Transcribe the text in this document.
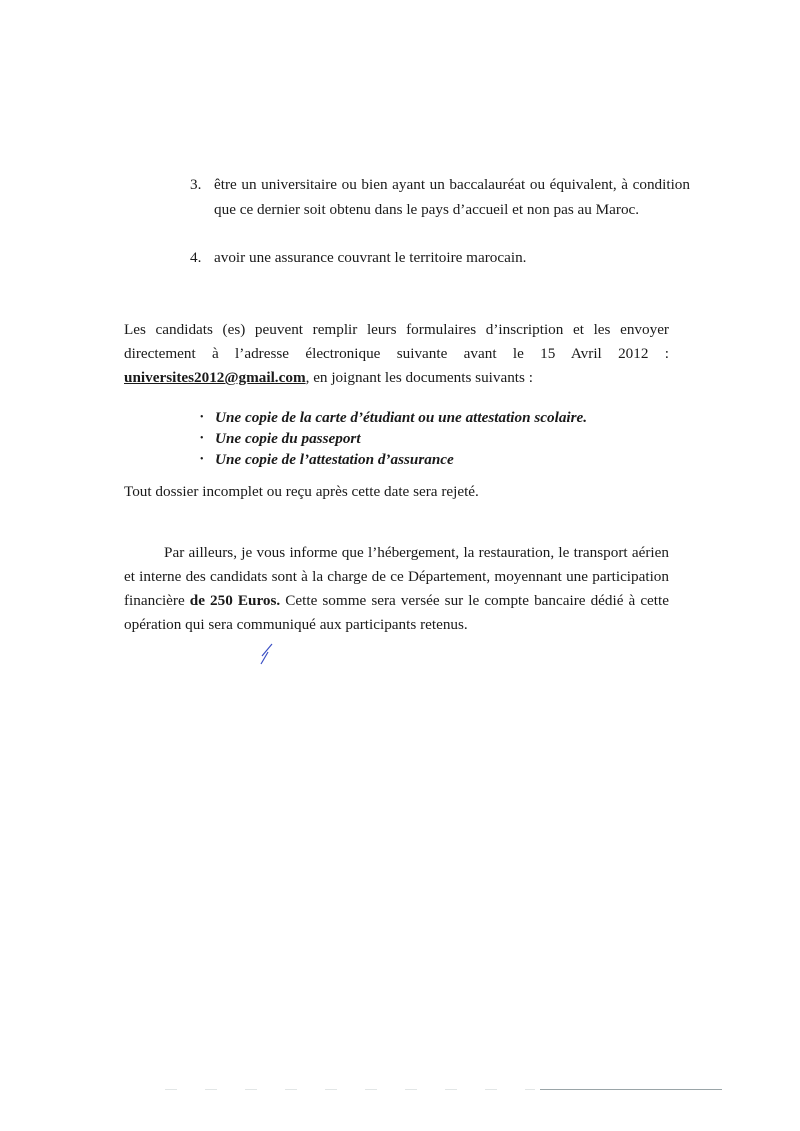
3. être un universitaire ou bien ayant un baccalauréat ou équivalent, à condition que ce dernier soit obtenu dans le pays d’accueil et non pas au Maroc.
4. avoir une assurance couvrant le territoire marocain.
Les candidats (es) peuvent remplir leurs formulaires d’inscription et les envoyer directement à l’adresse électronique suivante avant le 15 Avril 2012 : universites2012@gmail.com, en joignant les documents suivants :
• Une copie de la carte d’étudiant ou une attestation scolaire.
• Une copie du passeport
• Une copie de l’attestation d’assurance
Tout dossier incomplet ou reçu après cette date sera rejeté.
Par ailleurs, je vous informe que l’hébergement, la restauration, le transport aérien et interne des candidats sont à la charge de ce Département, moyennant une participation financière de 250 Euros. Cette somme sera versée sur le compte bancaire dédié à cette opération qui sera communiqué aux participants retenus.
